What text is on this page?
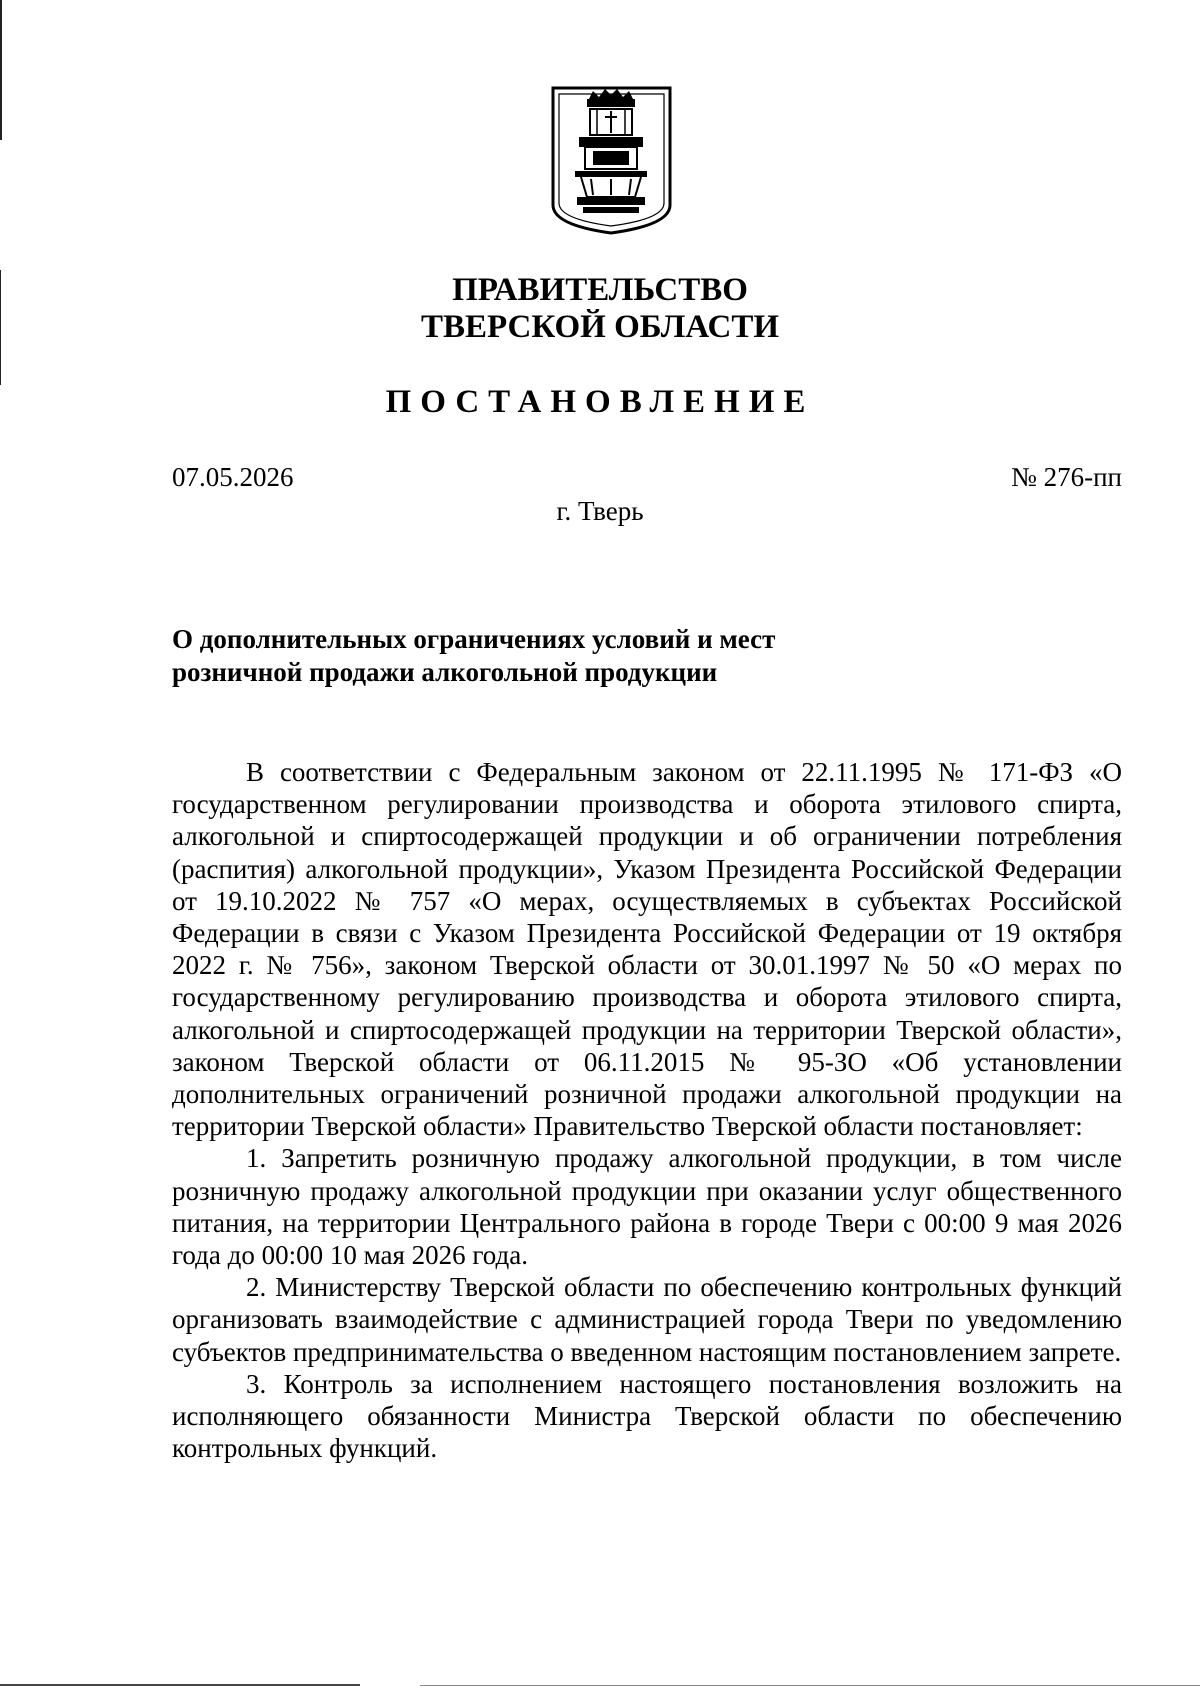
ПРАВИТЕЛЬСТВО
ТВЕРСКОЙ ОБЛАСТИ
ПОСТАНОВЛЕНИЕ
07.05.2026	№ 276-пп
г. Тверь
О дополнительных ограничениях условий и мест
розничной продажи алкогольной продукции

В соответствии с Федеральным законом от 22.11.1995 № 171-ФЗ «О государственном регулировании производства и оборота этилового спирта, алкогольной и спиртосодержащей продукции и об ограничении потребления (распития) алкогольной продукции», Указом Президента Российской Федерации от 19.10.2022 № 757 «О мерах, осуществляемых в субъектах Российской Федерации в связи с Указом Президента Российской Федерации от 19 октября 2022 г. № 756», законом Тверской области от 30.01.1997 № 50 «О мерах по государственному регулированию производства и оборота этилового спирта, алкогольной и спиртосодержащей продукции на территории Тверской области», законом Тверской области от 06.11.2015 № 95-ЗО «Об установлении дополнительных ограничений розничной продажи алкогольной продукции на территории Тверской области» Правительство Тверской области постановляет:

1. Запретить розничную продажу алкогольной продукции, в том числе розничную продажу алкогольной продукции при оказании услуг общественного питания, на территории Центрального района в городе Твери с 00:00 9 мая 2026 года до 00:00 10 мая 2026 года.

2. Министерству Тверской области по обеспечению контрольных функций организовать взаимодействие с администрацией города Твери по уведомлению субъектов предпринимательства о введенном настоящим постановлением запрете.

3. Контроль за исполнением настоящего постановления возложить на исполняющего обязанности Министра Тверской области по обеспечению контрольных функций.
